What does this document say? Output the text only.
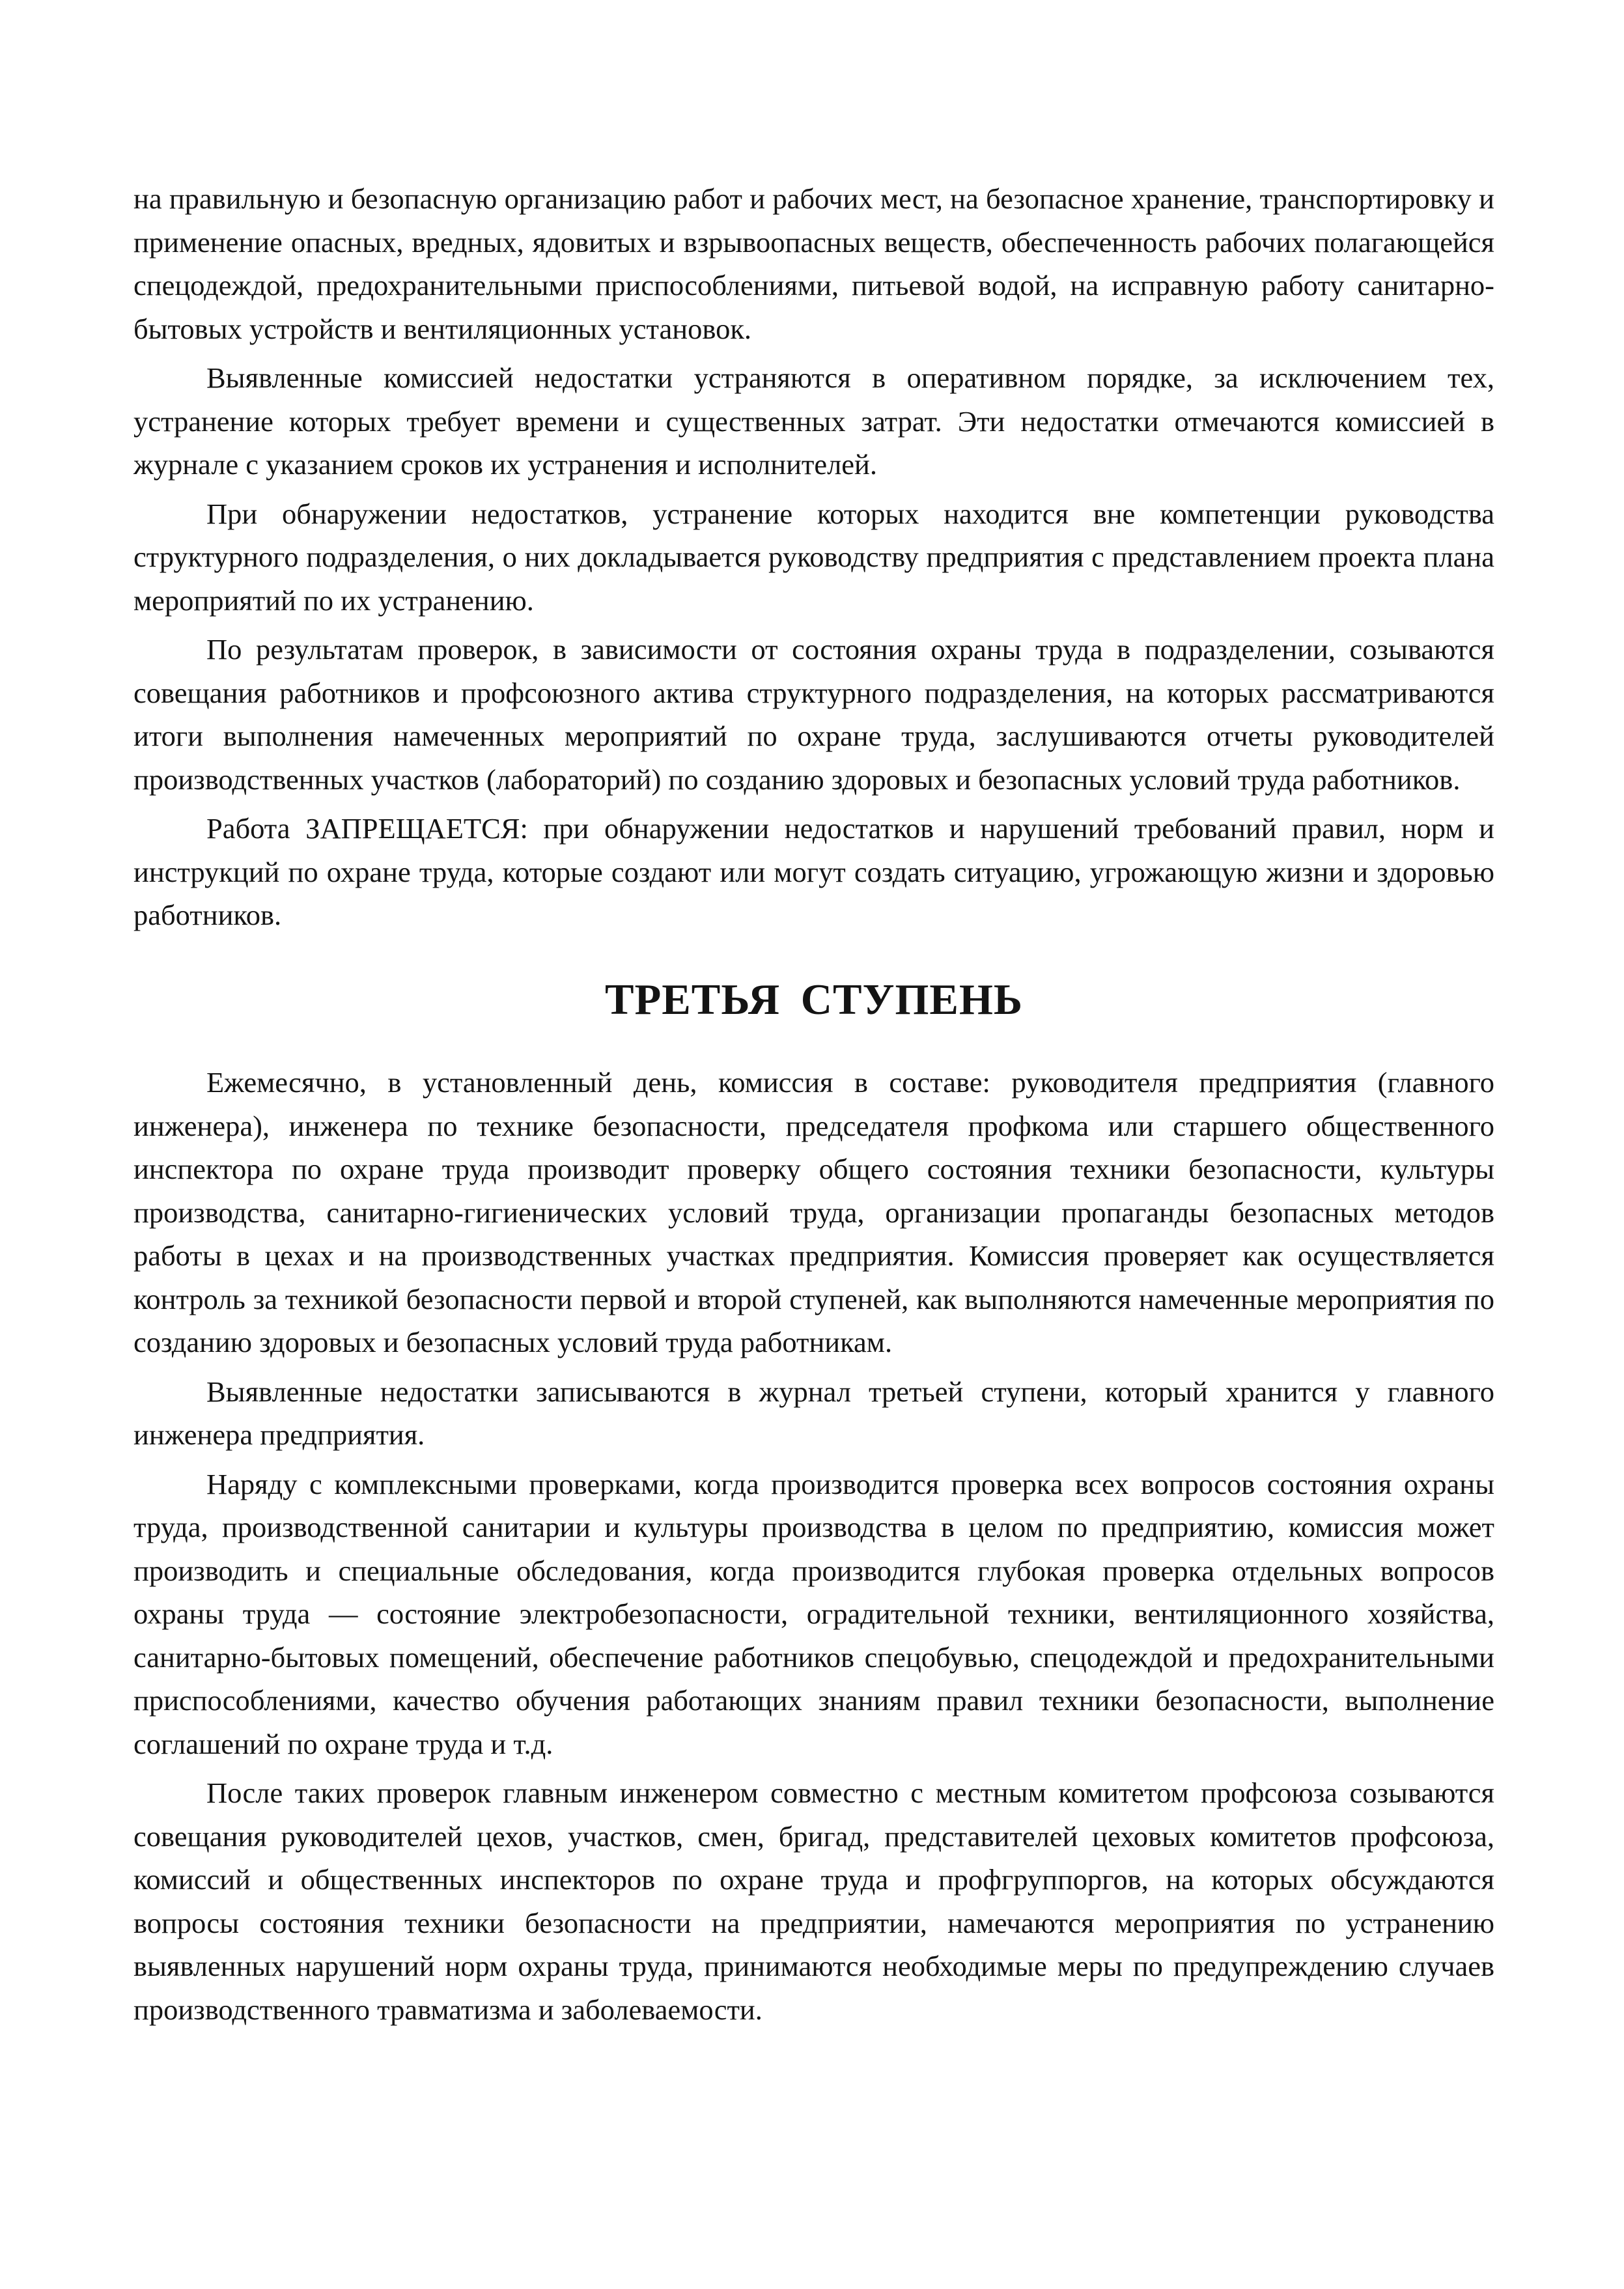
на правильную и безопасную организацию работ и рабочих мест, на безопасное хранение, транспортировку и применение опасных, вредных, ядовитых и взрывоопасных веществ, обеспеченность рабочих полагающейся спецодеждой, предохранительными приспособлениями, питьевой водой, на исправную работу санитарно-бытовых устройств и вентиляционных установок.

Выявленные комиссией недостатки устраняются в оперативном порядке, за исключением тех, устранение которых требует времени и существенных затрат. Эти недостатки отмечаются комиссией в журнале с указанием сроков их устранения и исполнителей.

При обнаружении недостатков, устранение которых находится вне компетенции руководства структурного подразделения, о них докладывается руководству предприятия с представлением проекта плана мероприятий по их устранению.

По результатам проверок, в зависимости от состояния охраны труда в подразделении, созываются совещания работников и профсоюзного актива структурного подразделения, на которых рассматриваются итоги выполнения намеченных мероприятий по охране труда, заслушиваются отчеты руководителей производственных участков (лабораторий) по созданию здоровых и безопасных условий труда работников.

Работа ЗАПРЕЩАЕТСЯ: при обнаружении недостатков и нарушений требований правил, норм и инструкций по охране труда, которые создают или могут создать ситуацию, угрожающую жизни и здоровью работников.

ТРЕТЬЯ СТУПЕНЬ

Ежемесячно, в установленный день, комиссия в составе: руководителя предприятия (главного инженера), инженера по технике безопасности, председателя профкома или старшего общественного инспектора по охране труда производит проверку общего состояния техники безопасности, культуры производства, санитарно-гигиенических условий труда, организации пропаганды безопасных методов работы в цехах и на производственных участках предприятия. Комиссия проверяет как осуществляется контроль за техникой безопасности первой и второй ступеней, как выполняются намеченные мероприятия по созданию здоровых и безопасных условий труда работникам.

Выявленные недостатки записываются в журнал третьей ступени, который хранится у главного инженера предприятия.

Наряду с комплексными проверками, когда производится проверка всех вопросов состояния охраны труда, производственной санитарии и культуры производства в целом по предприятию, комиссия может производить и специальные обследования, когда производится глубокая проверка отдельных вопросов охраны труда — состояние электробезопасности, оградительной техники, вентиляционного хозяйства, санитарно-бытовых помещений, обеспечение работников спецобувью, спецодеждой и предохранительными приспособлениями, качество обучения работающих знаниям правил техники безопасности, выполнение соглашений по охране труда и т.д.

После таких проверок главным инженером совместно с местным комитетом профсоюза созываются совещания руководителей цехов, участков, смен, бригад, представителей цеховых комитетов профсоюза, комиссий и общественных инспекторов по охране труда и профгруппоргов, на которых обсуждаются вопросы состояния техники безопасности на предприятии, намечаются мероприятия по устранению выявленных нарушений норм охраны труда, принимаются необходимые меры по предупреждению случаев производственного травматизма и заболеваемости.
